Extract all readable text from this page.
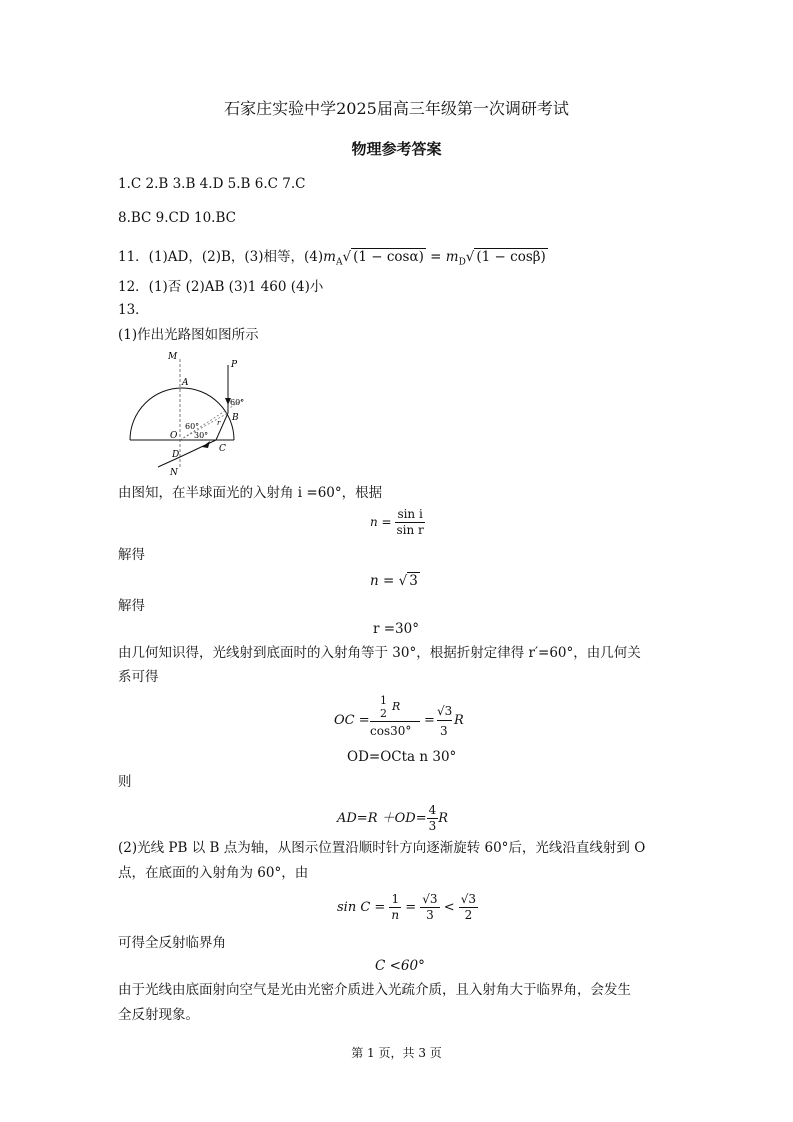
石家庄实验中学2025届高三年级第一次调研考试
物理参考答案
1.C 2.B 3.B 4.D 5.B 6.C 7.C
8.BC 9.CD 10.BC
11．(1)AD，(2)B，(3)相等，$(4)m_A√$ $(1 - \cos\alpha) = m_D√$ (1 − cosβ)
12．(1)否 (2)AB (3)1 460 (4)小
13．
(1)作出光路图如图所示
M
P
A
60°
B
60°	r
O 30°
C
D
N
由图知，在半球面光的入射角 i =60°，根据
$n = \frac{\text{sin i}}{\text{sin r}}$
解得
n = √ 3
解得
r =30°
由几何知识得，光线射到底面时的入射角等于 30°，根据折射定律得 r′=60°，由几何关
系可得
OC =
1
2
R
cos30°
=
√3
3
R
OD=OCta n 30°
则
$AD=R +OD= \frac{4}{3}$ R
(2)光线 PB 以 B 点为轴，从图示位置沿顺时针方向逐渐旋转 60°后，光线沿直线射到 O
点，在底面的入射角为 60°，由
$\sin C = \frac{1}{n} = \frac{√3}{3} < \frac{√3}{2}$
可得全反射临界角
C <60°
由于光线由底面射向空气是光由光密介质进入光疏介质，且入射角大于临界角，会发生
全反射现象。
第 1 页，共 3 页
